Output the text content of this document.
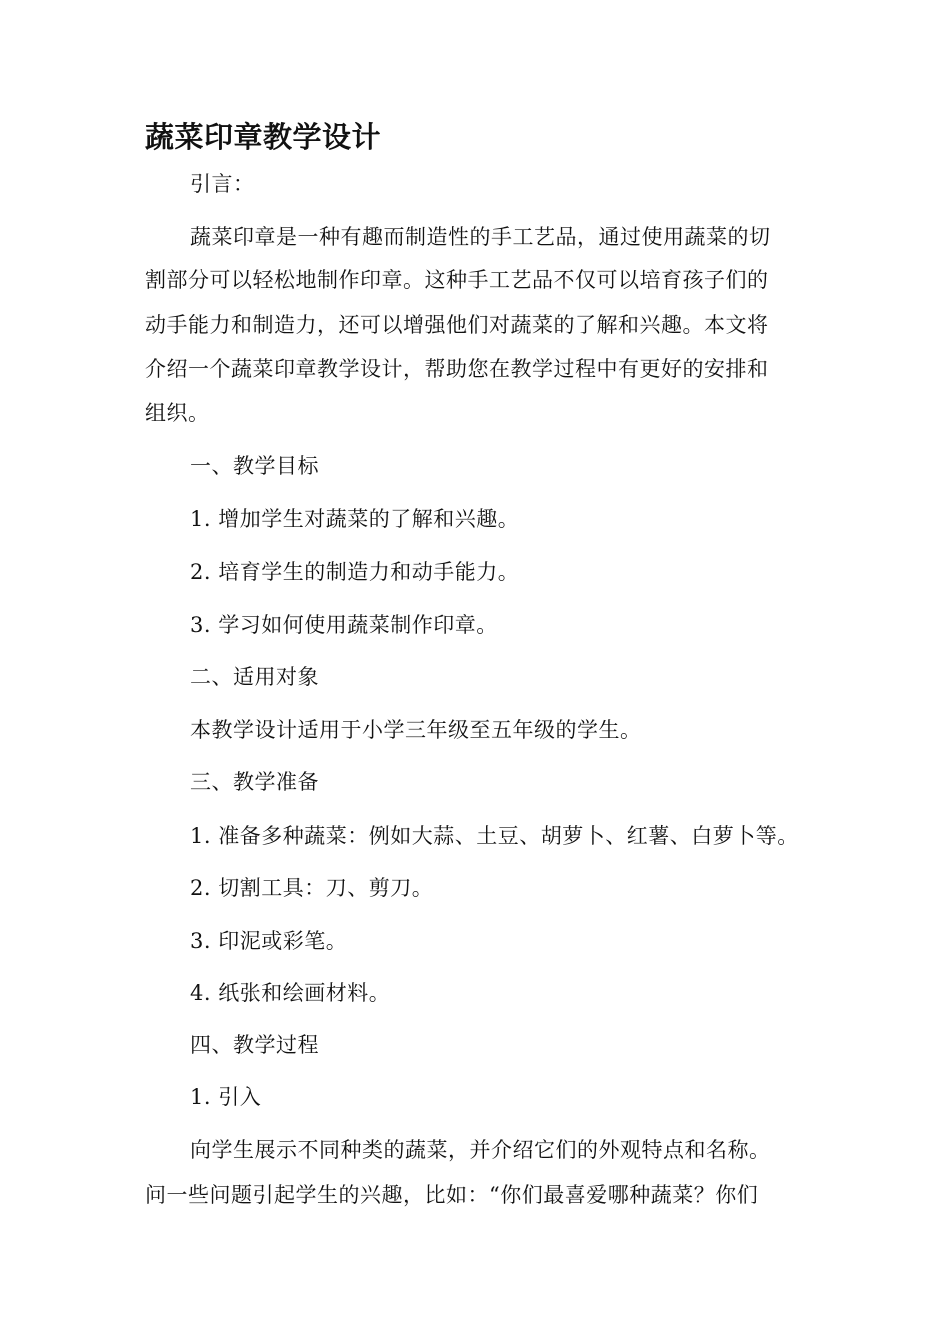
蔬菜印章教学设计
引言：
蔬菜印章是一种有趣而制造性的手工艺品，通过使用蔬菜的切
割部分可以轻松地制作印章。这种手工艺品不仅可以培育孩子们的
动手能力和制造力，还可以增强他们对蔬菜的了解和兴趣。本文将
介绍一个蔬菜印章教学设计，帮助您在教学过程中有更好的安排和
组织。
一、教学目标
1. 增加学生对蔬菜的了解和兴趣。
2. 培育学生的制造力和动手能力。
3. 学习如何使用蔬菜制作印章。
二、适用对象
本教学设计适用于小学三年级至五年级的学生。
三、教学准备
1. 准备多种蔬菜：例如大蒜、土豆、胡萝卜、红薯、白萝卜等。
2. 切割工具：刀、剪刀。
3. 印泥或彩笔。
4. 纸张和绘画材料。
四、教学过程
1. 引入
向学生展示不同种类的蔬菜，并介绍它们的外观特点和名称。
问一些问题引起学生的兴趣，比如：“你们最喜爱哪种蔬菜？你们
